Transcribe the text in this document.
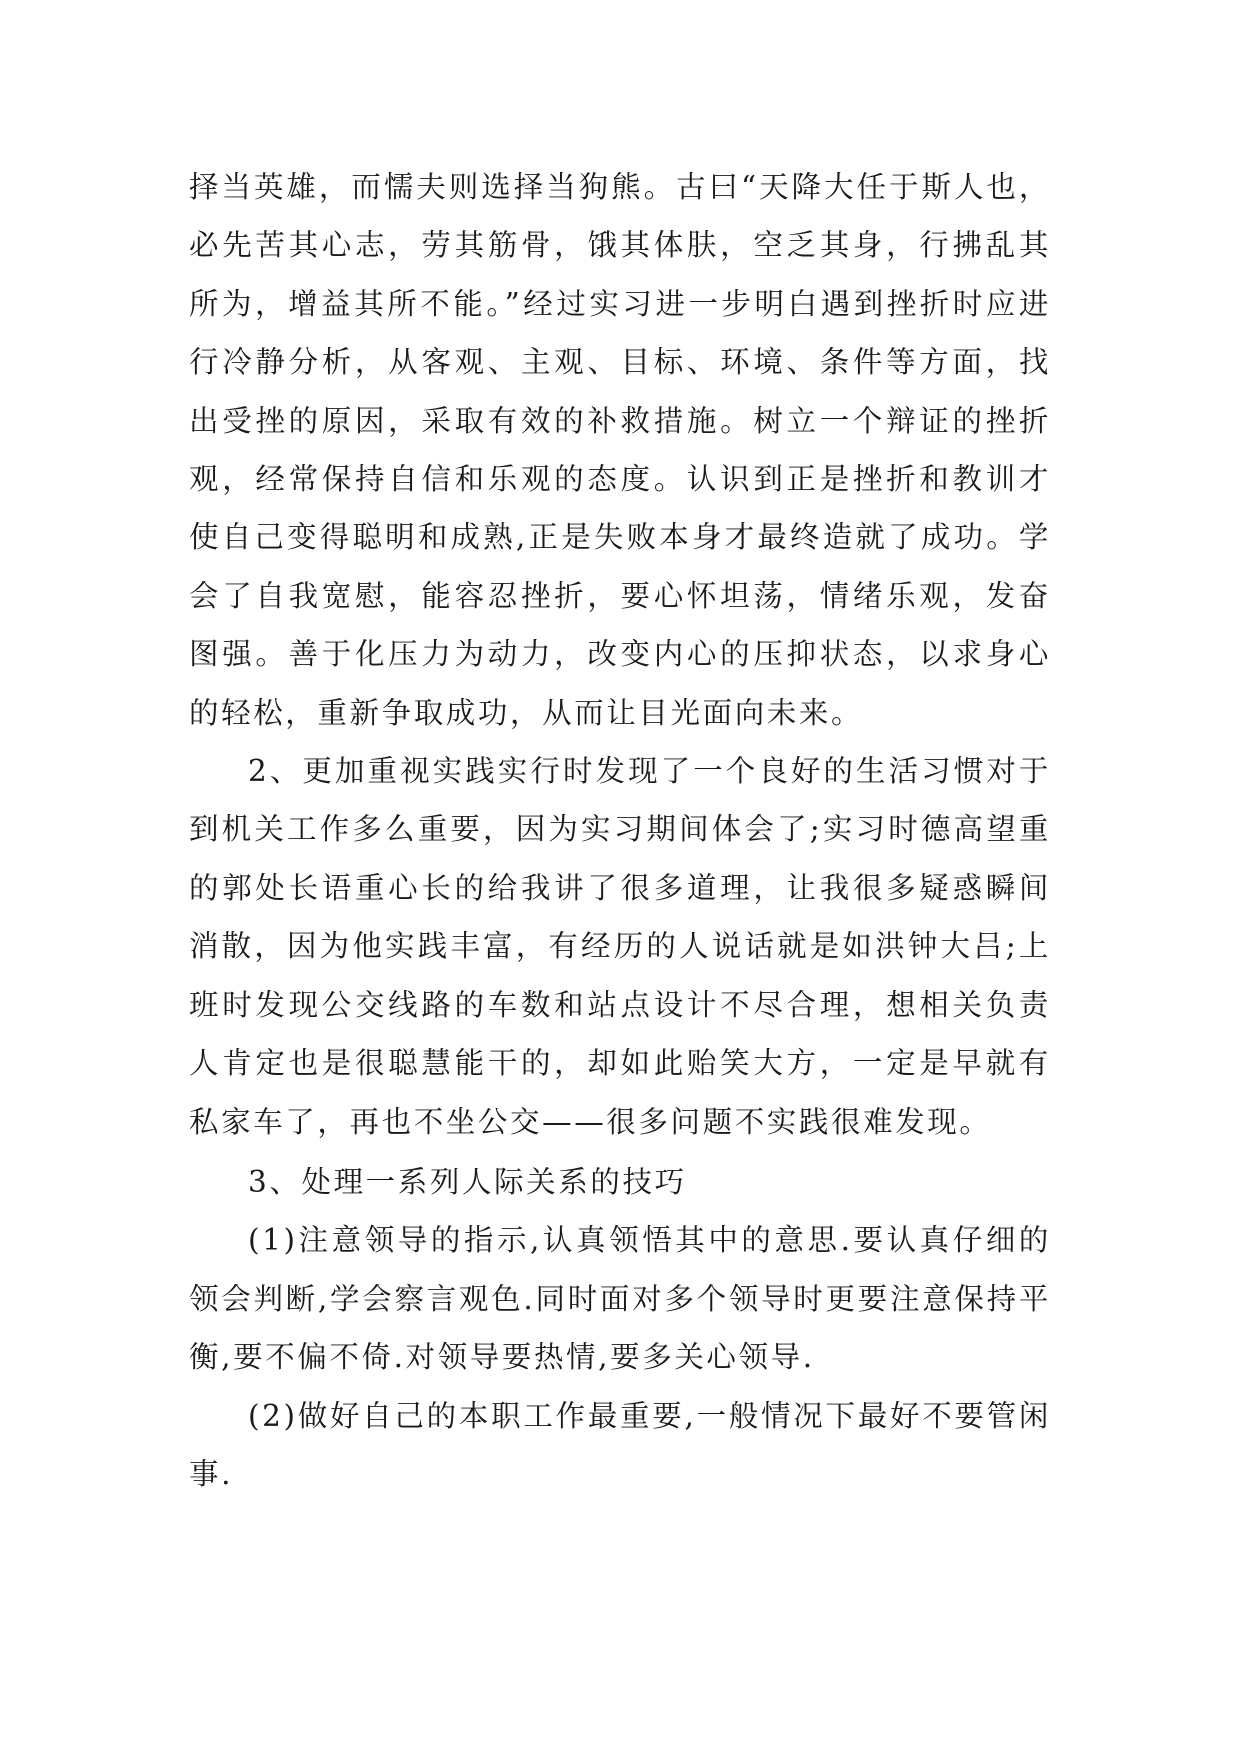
择当英雄，而懦夫则选择当狗熊。古曰“天降大任于斯人也，必先苦其心志，劳其筋骨，饿其体肤，空乏其身，行拂乱其所为，增益其所不能。”经过实习进一步明白遇到挫折时应进行冷静分析，从客观、主观、目标、环境、条件等方面，找出受挫的原因，采取有效的补救措施。树立一个辩证的挫折观，经常保持自信和乐观的态度。认识到正是挫折和教训才使自己变得聪明和成熟,正是失败本身才最终造就了成功。学会了自我宽慰，能容忍挫折，要心怀坦荡，情绪乐观，发奋图强。善于化压力为动力，改变内心的压抑状态，以求身心的轻松，重新争取成功，从而让目光面向未来。

2、更加重视实践实行时发现了一个良好的生活习惯对于到机关工作多么重要，因为实习期间体会了;实习时德高望重的郭处长语重心长的给我讲了很多道理，让我很多疑惑瞬间消散，因为他实践丰富，有经历的人说话就是如洪钟大吕;上班时发现公交线路的车数和站点设计不尽合理，想相关负责人肯定也是很聪慧能干的，却如此贻笑大方，一定是早就有私家车了，再也不坐公交——很多问题不实践很难发现。

3、处理一系列人际关系的技巧

(1)注意领导的指示,认真领悟其中的意思.要认真仔细的领会判断,学会察言观色.同时面对多个领导时更要注意保持平衡,要不偏不倚.对领导要热情,要多关心领导.

(2)做好自己的本职工作最重要,一般情况下最好不要管闲事.
